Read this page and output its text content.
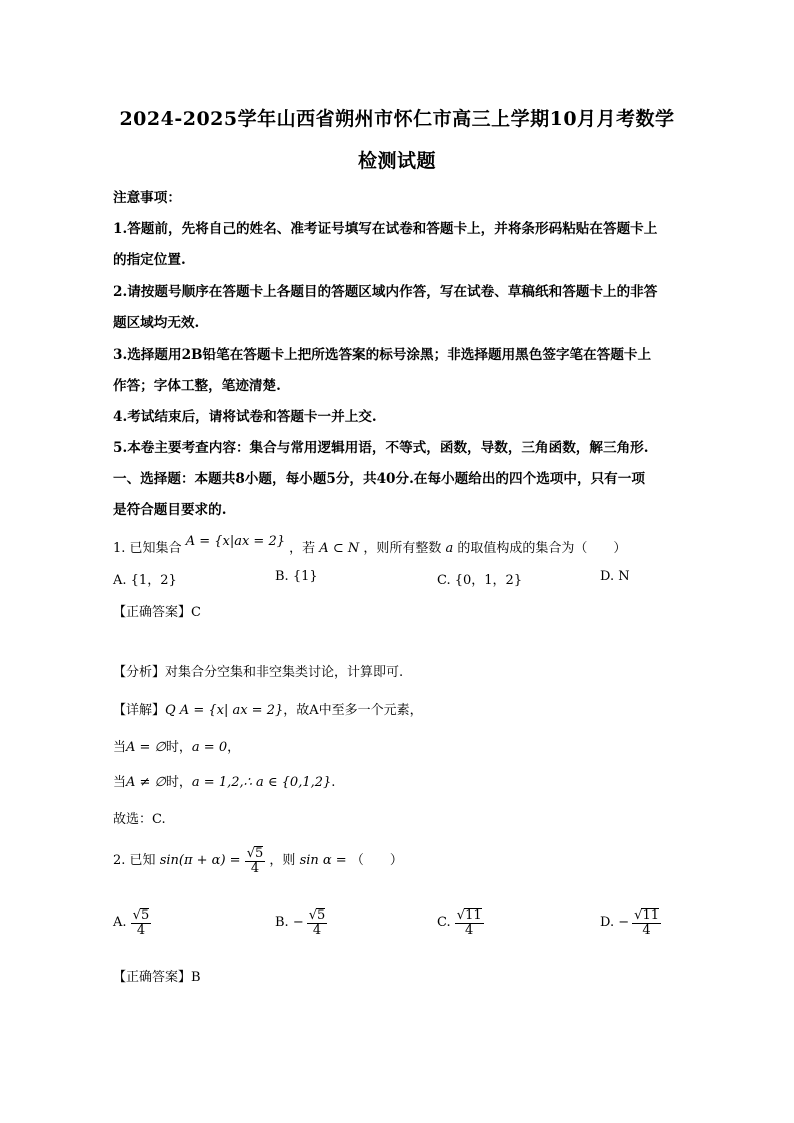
2024-2025学年山西省朔州市怀仁市高三上学期10月月考数学
检测试题
注意事项：
1.答题前，先将自己的姓名、准考证号填写在试卷和答题卡上，并将条形码粘贴在答题卡上
的指定位置.
2.请按题号顺序在答题卡上各题目的答题区域内作答，写在试卷、草稿纸和答题卡上的非答
题区域均无效.
3.选择题用2B铅笔在答题卡上把所选答案的标号涂黑；非选择题用黑色签字笔在答题卡上
作答；字体工整，笔迹清楚.
4.考试结束后，请将试卷和答题卡一并上交.
5.本卷主要考查内容：集合与常用逻辑用语，不等式，函数，导数，三角函数，解三角形.
一、选择题：本题共8小题，每小题5分，共40分.在每小题给出的四个选项中，只有一项
是符合题目要求的.
1. 已知集合 A = {x|ax = 2} ，若 A ⊂ N ，则所有整数 a 的取值构成的集合为（　　）
A. {1，2}	B. {1}	C. {0，1，2}	D. N
【正确答案】C
【分析】对集合分空集和非空集类讨论，计算即可.
【详解】Q A = {x| ax = 2}，故A中至多一个元素，
当A = ∅时，a = 0，
当A ≠ ∅时，a = 1,2,∴ a ∈ {0,1,2}.
故选：C.
2. 已知 $\sin(\pi + \alpha) = \frac{√5}{4}$ ，则 sin α = （　　）
A. $\frac{√5}{4}$	B. − $\frac{√5}{4}$	C. $\frac{√11}{4}$	D. − $\frac{√11}{4}$
【正确答案】B
